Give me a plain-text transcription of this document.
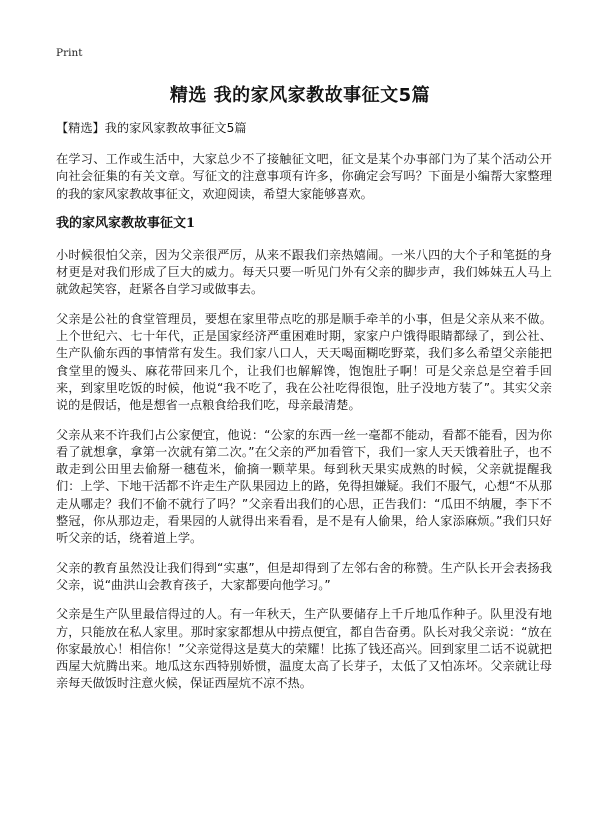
Print
精选 我的家风家教故事征文5篇
【精选】我的家风家教故事征文5篇

在学习、工作或生活中，大家总少不了接触征文吧，征文是某个办事部门为了某个活动公开向社会征集的有关文章。写征文的注意事项有许多，你确定会写吗？下面是小编帮大家整理的我的家风家教故事征文，欢迎阅读，希望大家能够喜欢。

我的家风家教故事征文1

小时候很怕父亲，因为父亲很严厉，从来不跟我们亲热嬉闹。一米八四的大个子和笔挺的身材更是对我们形成了巨大的威力。每天只要一听见门外有父亲的脚步声，我们姊妹五人马上就敛起笑容，赶紧各自学习或做事去。

父亲是公社的食堂管理员，要想在家里带点吃的那是顺手牵羊的小事，但是父亲从来不做。上个世纪六、七十年代，正是国家经济严重困难时期，家家户户饿得眼睛都绿了，到公社、生产队偷东西的事情常有发生。我们家八口人，天天喝面糊吃野菜，我们多么希望父亲能把食堂里的馒头、麻花带回来几个，让我们也解解馋，饱饱肚子啊！可是父亲总是空着手回来，到家里吃饭的时候，他说“我不吃了，我在公社吃得很饱，肚子没地方装了”。其实父亲说的是假话，他是想省一点粮食给我们吃，母亲最清楚。

父亲从来不许我们占公家便宜，他说：“公家的东西一丝一毫都不能动，看都不能看，因为你看了就想拿，拿第一次就有第二次。”在父亲的严加看管下，我们一家人天天饿着肚子，也不敢走到公田里去偷掰一穗苞米，偷摘一颗苹果。每到秋天果实成熟的时候，父亲就提醒我们：上学、下地干活都不许走生产队果园边上的路，免得担嫌疑。我们不服气，心想“不从那走从哪走？我们不偷不就行了吗？”父亲看出我们的心思，正告我们：“瓜田不纳履，李下不整冠，你从那边走，看果园的人就得出来看看，是不是有人偷果，给人家添麻烦。”我们只好听父亲的话，绕着道上学。

父亲的教育虽然没让我们得到“实惠”，但是却得到了左邻右舍的称赞。生产队长开会表扬我父亲，说“曲洪山会教育孩子，大家都要向他学习。”

父亲是生产队里最信得过的人。有一年秋天，生产队要储存上千斤地瓜作种子。队里没有地方，只能放在私人家里。那时家家都想从中捞点便宜，都自告奋勇。队长对我父亲说：“放在你家最放心！相信你！”父亲觉得这是莫大的荣耀！比拣了钱还高兴。回到家里二话不说就把西屋大炕腾出来。地瓜这东西特别娇惯，温度太高了长芽子，太低了又怕冻坏。父亲就让母亲每天做饭时注意火候，保证西屋炕不凉不热。
